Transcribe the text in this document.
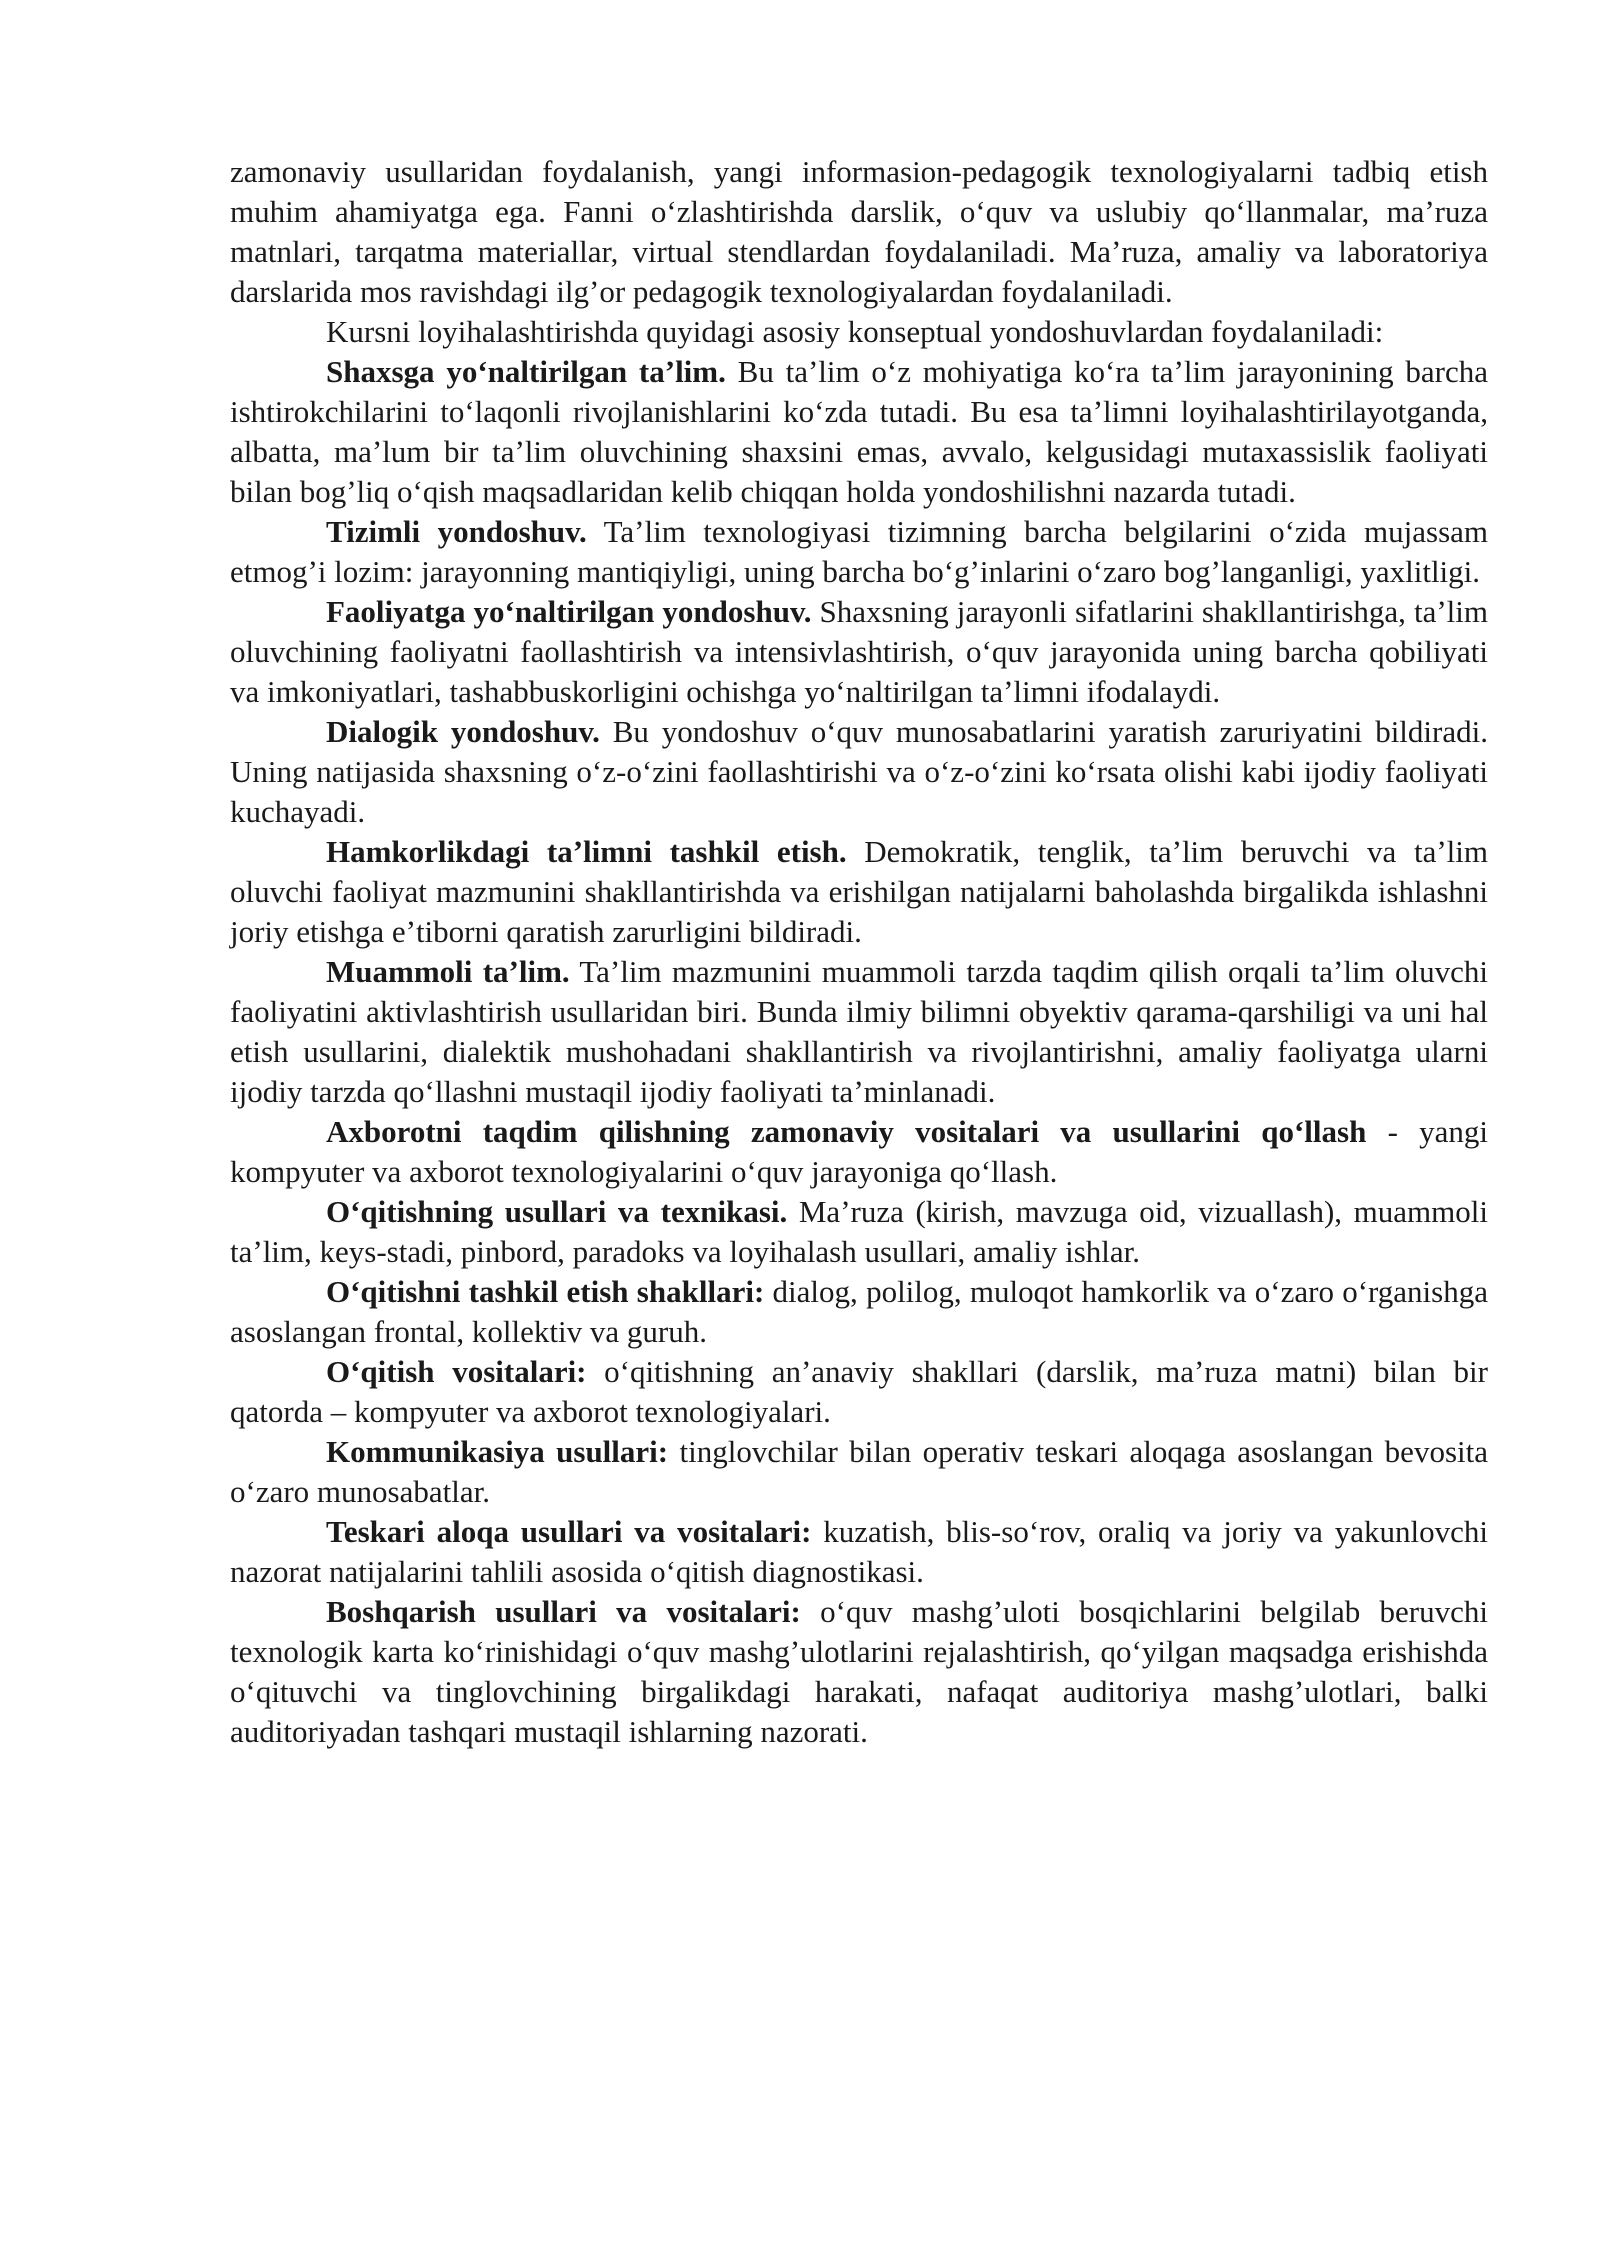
zamonaviy usullaridan foydalanish, yangi informasion-pedagogik texnologiyalarni tadbiq etish muhim ahamiyatga ega. Fanni oʻzlashtirishda darslik, oʻquv va uslubiy qoʻllanmalar, maʼruza matnlari, tarqatma materiallar, virtual stendlardan foydalaniladi. Maʼruza, amaliy va laboratoriya darslarida mos ravishdagi ilgʼor pedagogik texnologiyalardan foydalaniladi.

Kursni loyihalashtirishda quyidagi asosiy konseptual yondoshuvlardan foydalaniladi:

Shaxsga yoʻnaltirilgan taʼlim. Bu taʼlim oʻz mohiyatiga koʻra taʼlim jarayonining barcha ishtirokchilarini toʻlaqonli rivojlanishlarini koʻzda tutadi. Bu esa taʼlimni loyihalashtirilayotganda, albatta, maʼlum bir taʼlim oluvchining shaxsini emas, avvalo, kelgusidagi mutaxassislik faoliyati bilan bogʼliq oʻqish maqsadlaridan kelib chiqqan holda yondoshilishni nazarda tutadi.

Tizimli yondoshuv. Taʼlim texnologiyasi tizimning barcha belgilarini oʻzida mujassam etmogʼi lozim: jarayonning mantiqiyligi, uning barcha boʻgʼinlarini oʻzaro bogʼlanganligi, yaxlitligi.

Faoliyatga yoʻnaltirilgan yondoshuv. Shaxsning jarayonli sifatlarini shakllantirishga, taʼlim oluvchining faoliyatni faollashtirish va intensivlashtirish, oʻquv jarayonida uning barcha qobiliyati va imkoniyatlari, tashabbuskorligini ochishga yoʻnaltirilgan taʼlimni ifodalaydi.

Dialogik yondoshuv. Bu yondoshuv oʻquv munosabatlarini yaratish zaruriyatini bildiradi. Uning natijasida shaxsning oʻz-oʻzini faollashtirishi va oʻz-oʻzini koʻrsata olishi kabi ijodiy faoliyati kuchayadi.

Hamkorlikdagi taʼlimni tashkil etish. Demokratik, tenglik, taʼlim beruvchi va taʼlim oluvchi faoliyat mazmunini shakllantirishda va erishilgan natijalarni baholashda birgalikda ishlashni joriy etishga eʼtiborni qaratish zarurligini bildiradi.

Muammoli taʼlim. Taʼlim mazmunini muammoli tarzda taqdim qilish orqali taʼlim oluvchi faoliyatini aktivlashtirish usullaridan biri. Bunda ilmiy bilimni obyektiv qarama-qarshiligi va uni hal etish usullarini, dialektik mushohadani shakllantirish va rivojlantirishni, amaliy faoliyatga ularni ijodiy tarzda qoʻllashni mustaqil ijodiy faoliyati taʼminlanadi.

Axborotni taqdim qilishning zamonaviy vositalari va usullarini qoʻllash - yangi kompyuter va axborot texnologiyalarini oʻquv jarayoniga qoʻllash.

Oʻqitishning usullari va texnikasi. Maʼruza (kirish, mavzuga oid, vizuallash), muammoli taʼlim, keys-stadi, pinbord, paradoks va loyihalash usullari, amaliy ishlar.

Oʻqitishni tashkil etish shakllari: dialog, polilog, muloqot hamkorlik va oʻzaro oʻrganishga asoslangan frontal, kollektiv va guruh.

Oʻqitish vositalari: oʻqitishning anʼanaviy shakllari (darslik, maʼruza matni) bilan bir qatorda – kompyuter va axborot texnologiyalari.

Kommunikasiya usullari: tinglovchilar bilan operativ teskari aloqaga asoslangan bevosita oʻzaro munosabatlar.

Teskari aloqa usullari va vositalari: kuzatish, blis-soʻrov, oraliq va joriy va yakunlovchi nazorat natijalarini tahlili asosida oʻqitish diagnostikasi.

Boshqarish usullari va vositalari: oʻquv mashgʼuloti bosqichlarini belgilab beruvchi texnologik karta koʻrinishidagi oʻquv mashgʼulotlarini rejalashtirish, qoʻyilgan maqsadga erishishda oʻqituvchi va tinglovchining birgalikdagi harakati, nafaqat auditoriya mashgʼulotlari, balki auditoriyadan tashqari mustaqil ishlarning nazorati.
